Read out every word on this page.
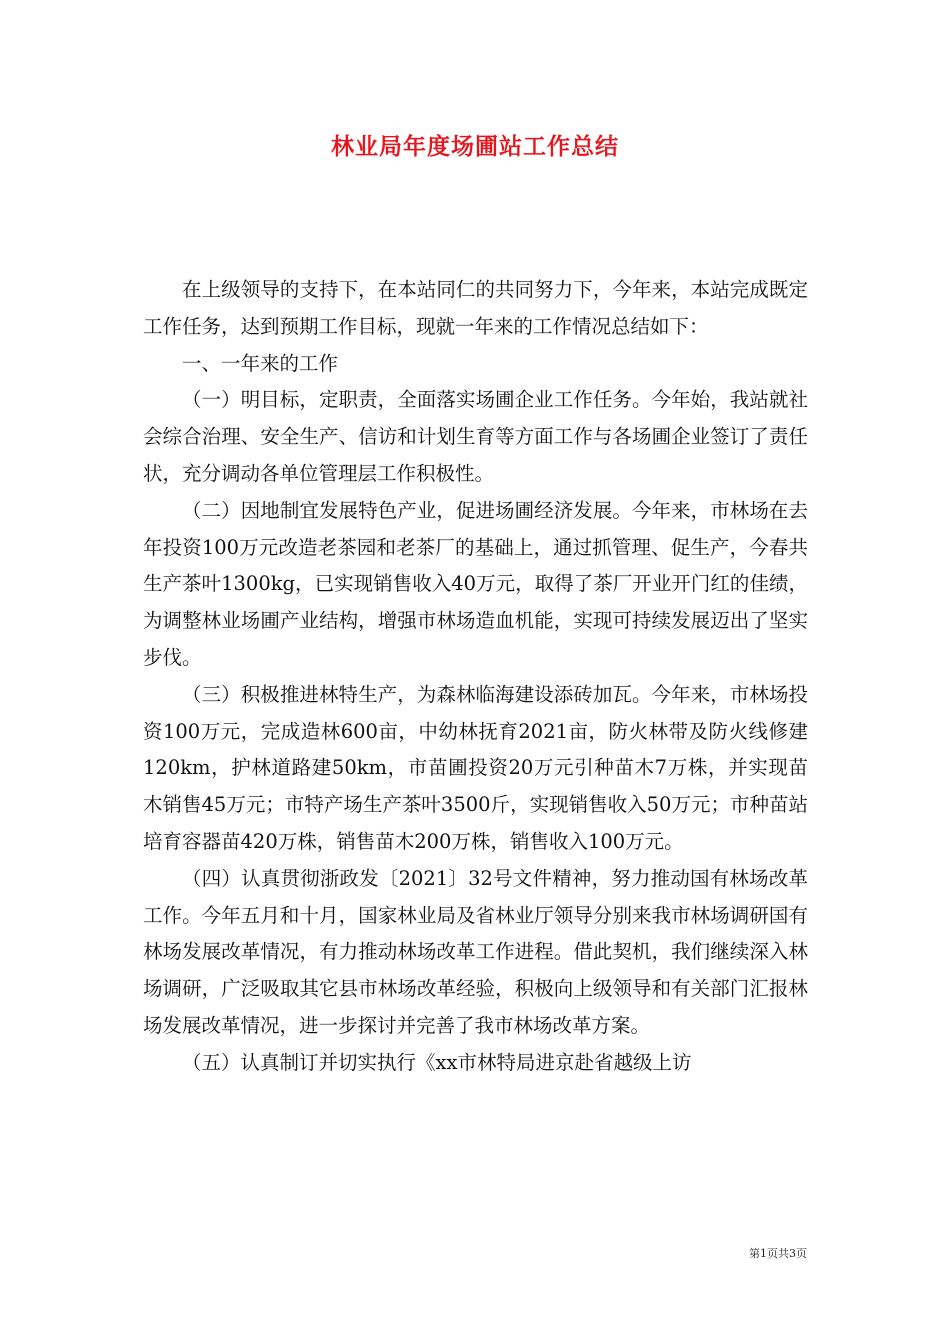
林业局年度场圃站工作总结

在上级领导的支持下，在本站同仁的共同努力下，今年来，本站完成既定工作任务，达到预期工作目标，现就一年来的工作情况总结如下：

一、一年来的工作

（一）明目标，定职责，全面落实场圃企业工作任务。今年始，我站就社会综合治理、安全生产、信访和计划生育等方面工作与各场圃企业签订了责任状，充分调动各单位管理层工作积极性。

（二）因地制宜发展特色产业，促进场圃经济发展。今年来，市林场在去年投资100万元改造老茶园和老茶厂的基础上，通过抓管理、促生产，今春共生产茶叶1300kg，已实现销售收入40万元，取得了茶厂开业开门红的佳绩，为调整林业场圃产业结构，增强市林场造血机能，实现可持续发展迈出了坚实步伐。

（三）积极推进林特生产，为森林临海建设添砖加瓦。今年来，市林场投资100万元，完成造林600亩，中幼林抚育2021亩，防火林带及防火线修建120km，护林道路建50km，市苗圃投资20万元引种苗木7万株，并实现苗木销售45万元；市特产场生产茶叶3500斤，实现销售收入50万元；市种苗站培育容器苗420万株，销售苗木200万株，销售收入100万元。

（四）认真贯彻浙政发〔2021〕32号文件精神，努力推动国有林场改革工作。今年五月和十月，国家林业局及省林业厅领导分别来我市林场调研国有林场发展改革情况，有力推动林场改革工作进程。借此契机，我们继续深入林场调研，广泛吸取其它县市林场改革经验，积极向上级领导和有关部门汇报林场发展改革情况，进一步探讨并完善了我市林场改革方案。

（五）认真制订并切实执行《xx市林特局进京赴省越级上访

第1页共3页
